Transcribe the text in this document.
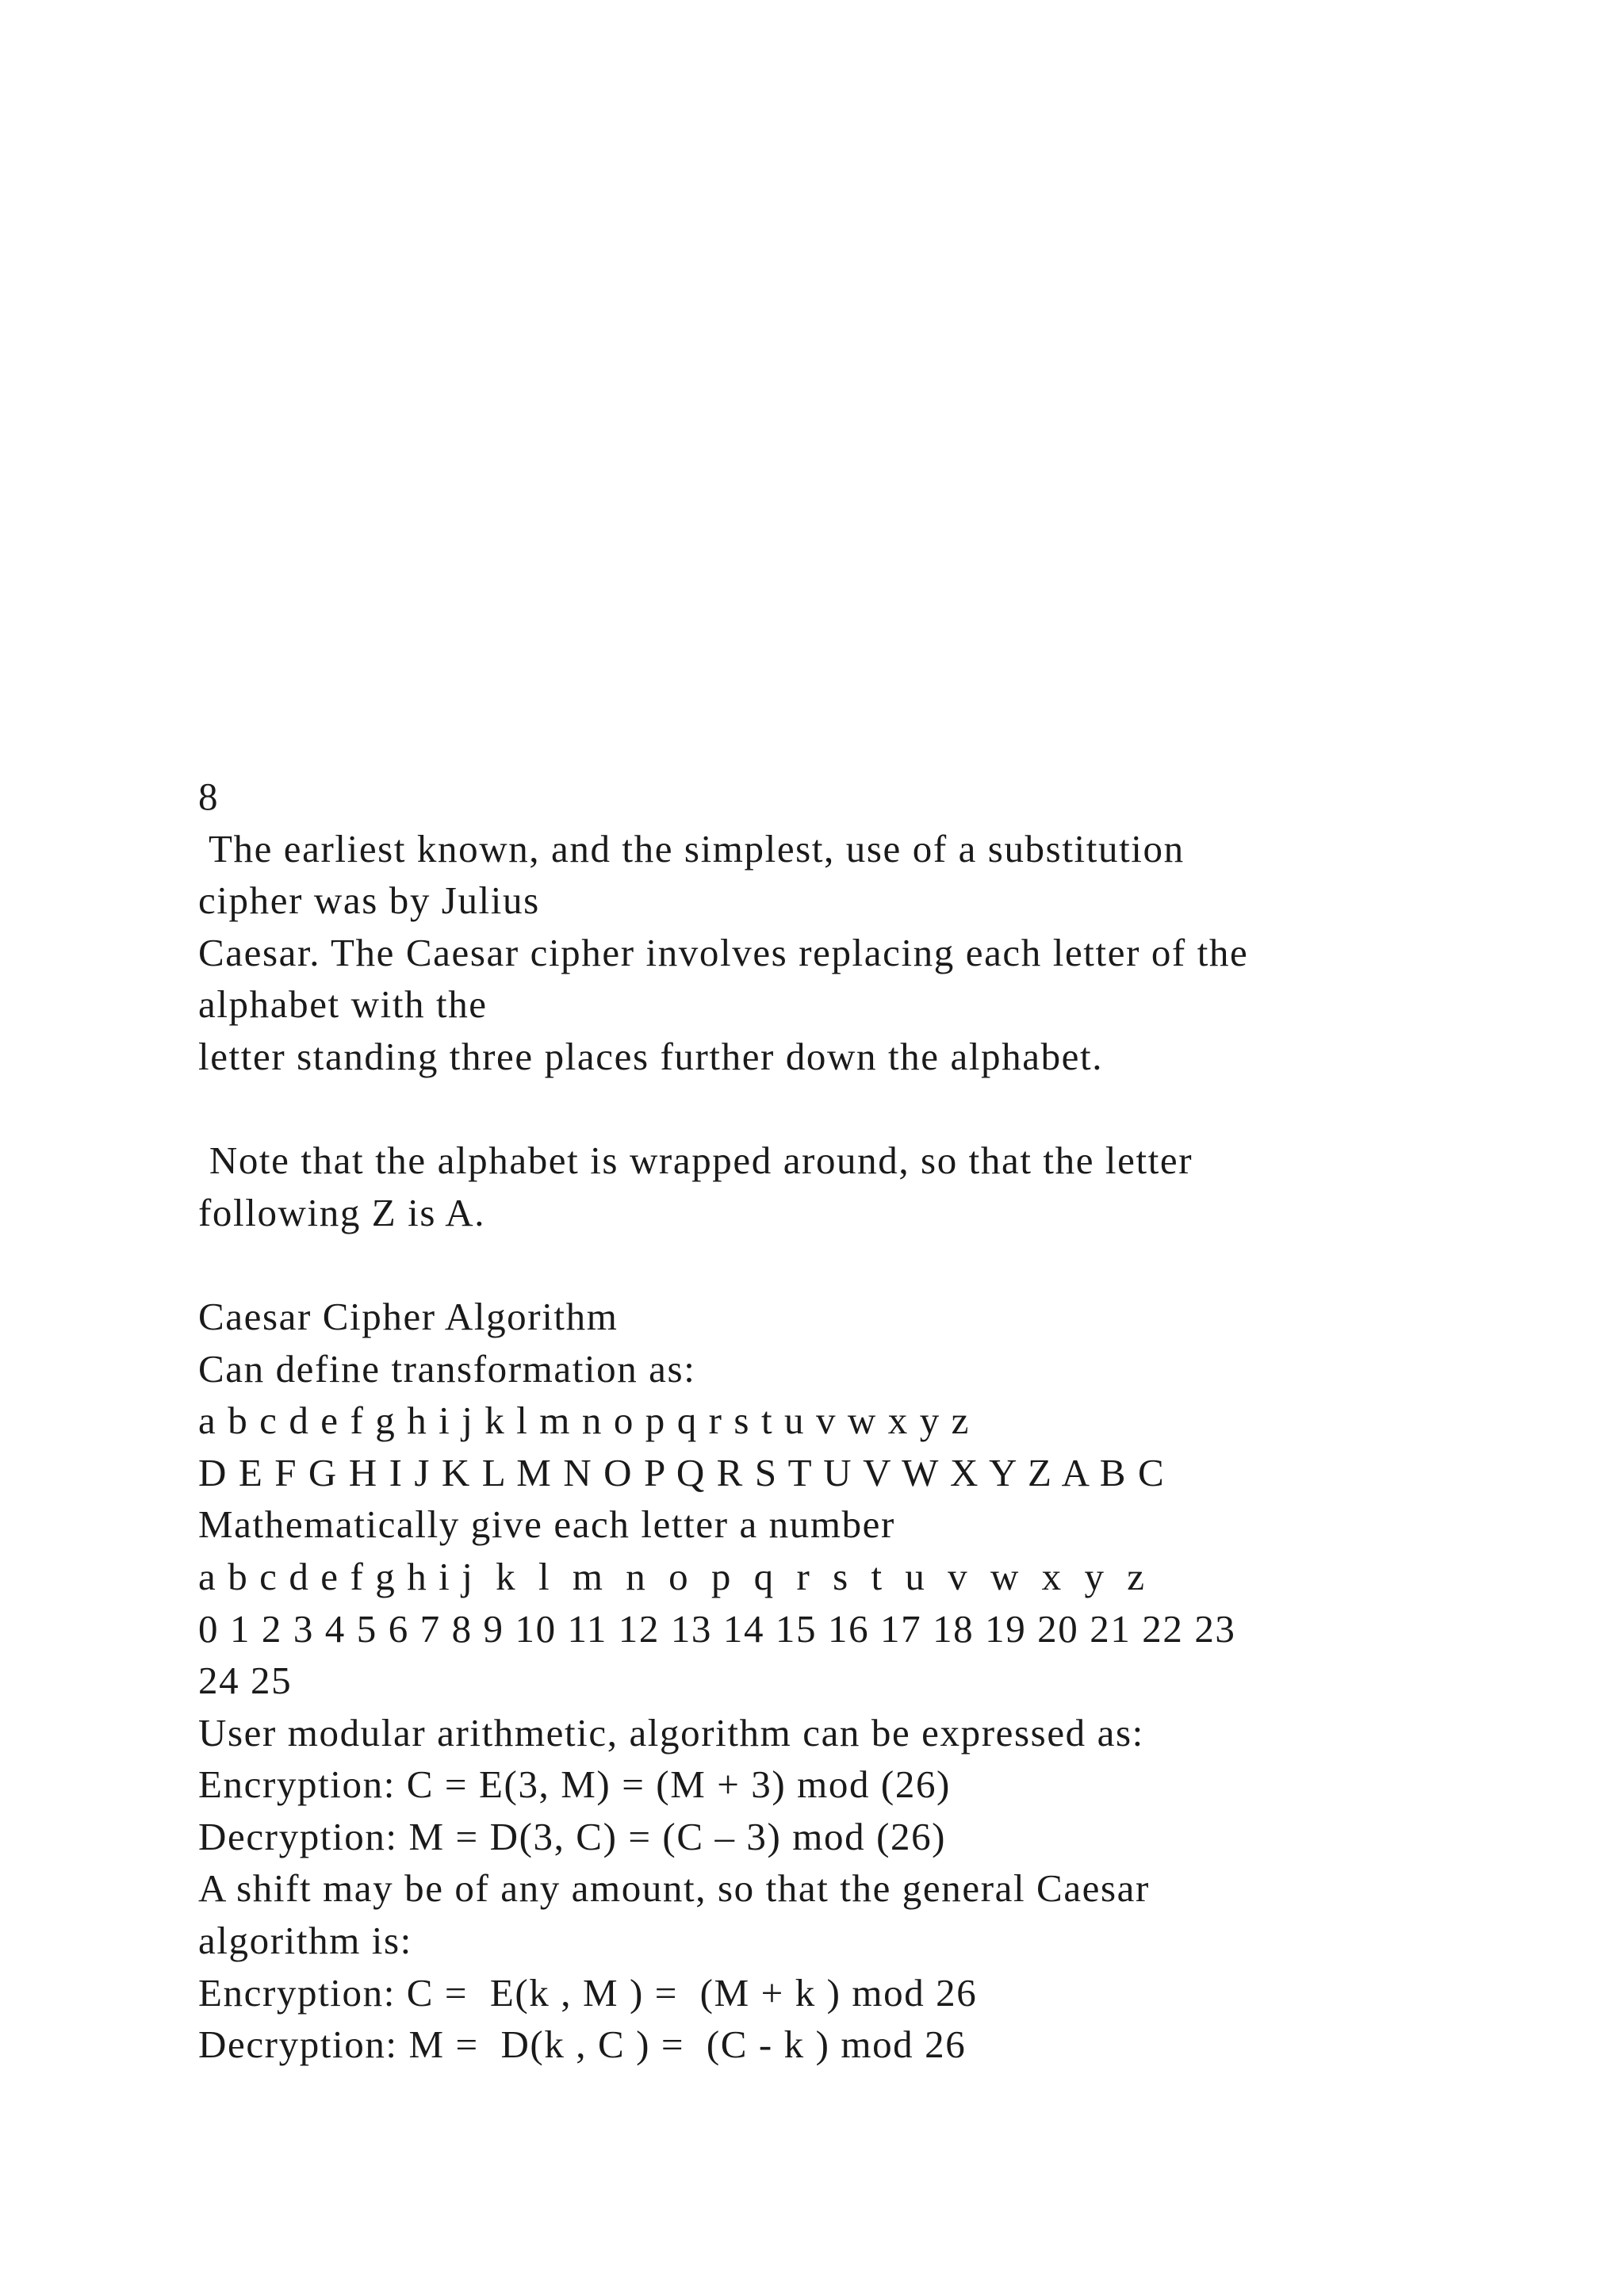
8
The earliest known, and the simplest, use of a substitution
cipher was by Julius
Caesar. The Caesar cipher involves replacing each letter of the
alphabet with the
letter standing three places further down the alphabet.
Note that the alphabet is wrapped around, so that the letter
following Z is A.
Caesar Cipher Algorithm
Can define transformation as:
a b c d e f g h i j k l m n o p q r s t u v w x y z
D E F G H I J K L M N O P Q R S T U V W X Y Z A B C
Mathematically give each letter a number
a b c d e f g h i j  k  l  m  n  o  p  q  r  s  t  u  v  w  x  y  z
0 1 2 3 4 5 6 7 8 9 10 11 12 13 14 15 16 17 18 19 20 21 22 23
24 25
User modular arithmetic, algorithm can be expressed as:
Encryption: C = E(3, M) = (M + 3) mod (26)
Decryption: M = D(3, C) = (C – 3) mod (26)
A shift may be of any amount, so that the general Caesar
algorithm is:
Encryption: C =  E(k , M ) =  (M + k ) mod 26
Decryption: M =  D(k , C ) =  (C - k ) mod 26
